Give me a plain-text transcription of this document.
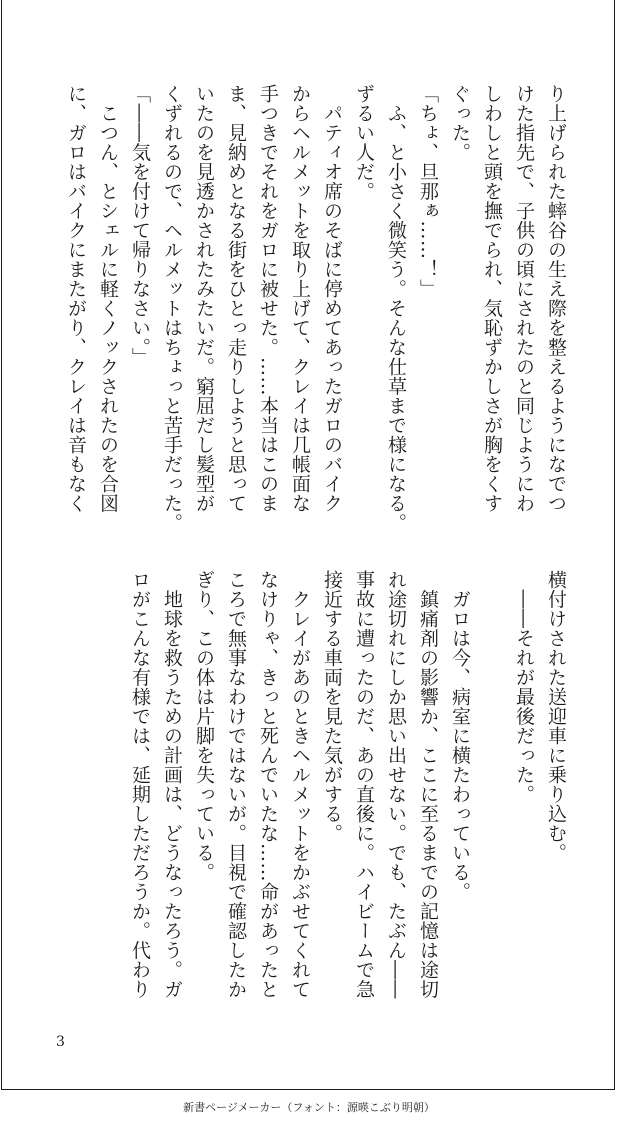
り上げられた蟀谷の生え際を整えるようになでつ

けた指先で、子供の頃にされたのと同じようにわ

しわしと頭を撫でられ、気恥ずかしさが胸をくす

ぐった。

「ちょ、旦那ぁ……！」

　ふ、と小さく微笑う。そんな仕草まで様になる。

ずるい人だ。

　パティオ席のそばに停めてあったガロのバイク

からヘルメットを取り上げて、クレイは几帳面な

手つきでそれをガロに被せた。……本当はこのま

ま、見納めとなる街をひとっ走りしようと思って

いたのを見透かされたみたいだ。窮屈だし髪型が

くずれるので、ヘルメットはちょっと苦手だった。

「――気を付けて帰りなさい。」

　こつん、とシェルに軽くノックされたのを合図

に、ガロはバイクにまたがり、クレイは音もなく

横付けされた送迎車に乗り込む。

　――それが最後だった。

　ガロは今、病室に横たわっている。

　鎮痛剤の影響か、ここに至るまでの記憶は途切

れ途切れにしか思い出せない。でも、たぶん――

事故に遭ったのだ、あの直後に。ハイビームで急

接近する車両を見た気がする。

　クレイがあのときヘルメットをかぶせてくれて

なけりゃ、きっと死んでいたな……命があったと

ころで無事なわけではないが。目視で確認したか

ぎり、この体は片脚を失っている。

　地球を救うための計画は、どうなったろう。ガ

ロがこんな有様では、延期しただろうか。代わり

3
新書ページメーカー（フォント：源暎こぶり明朝）
